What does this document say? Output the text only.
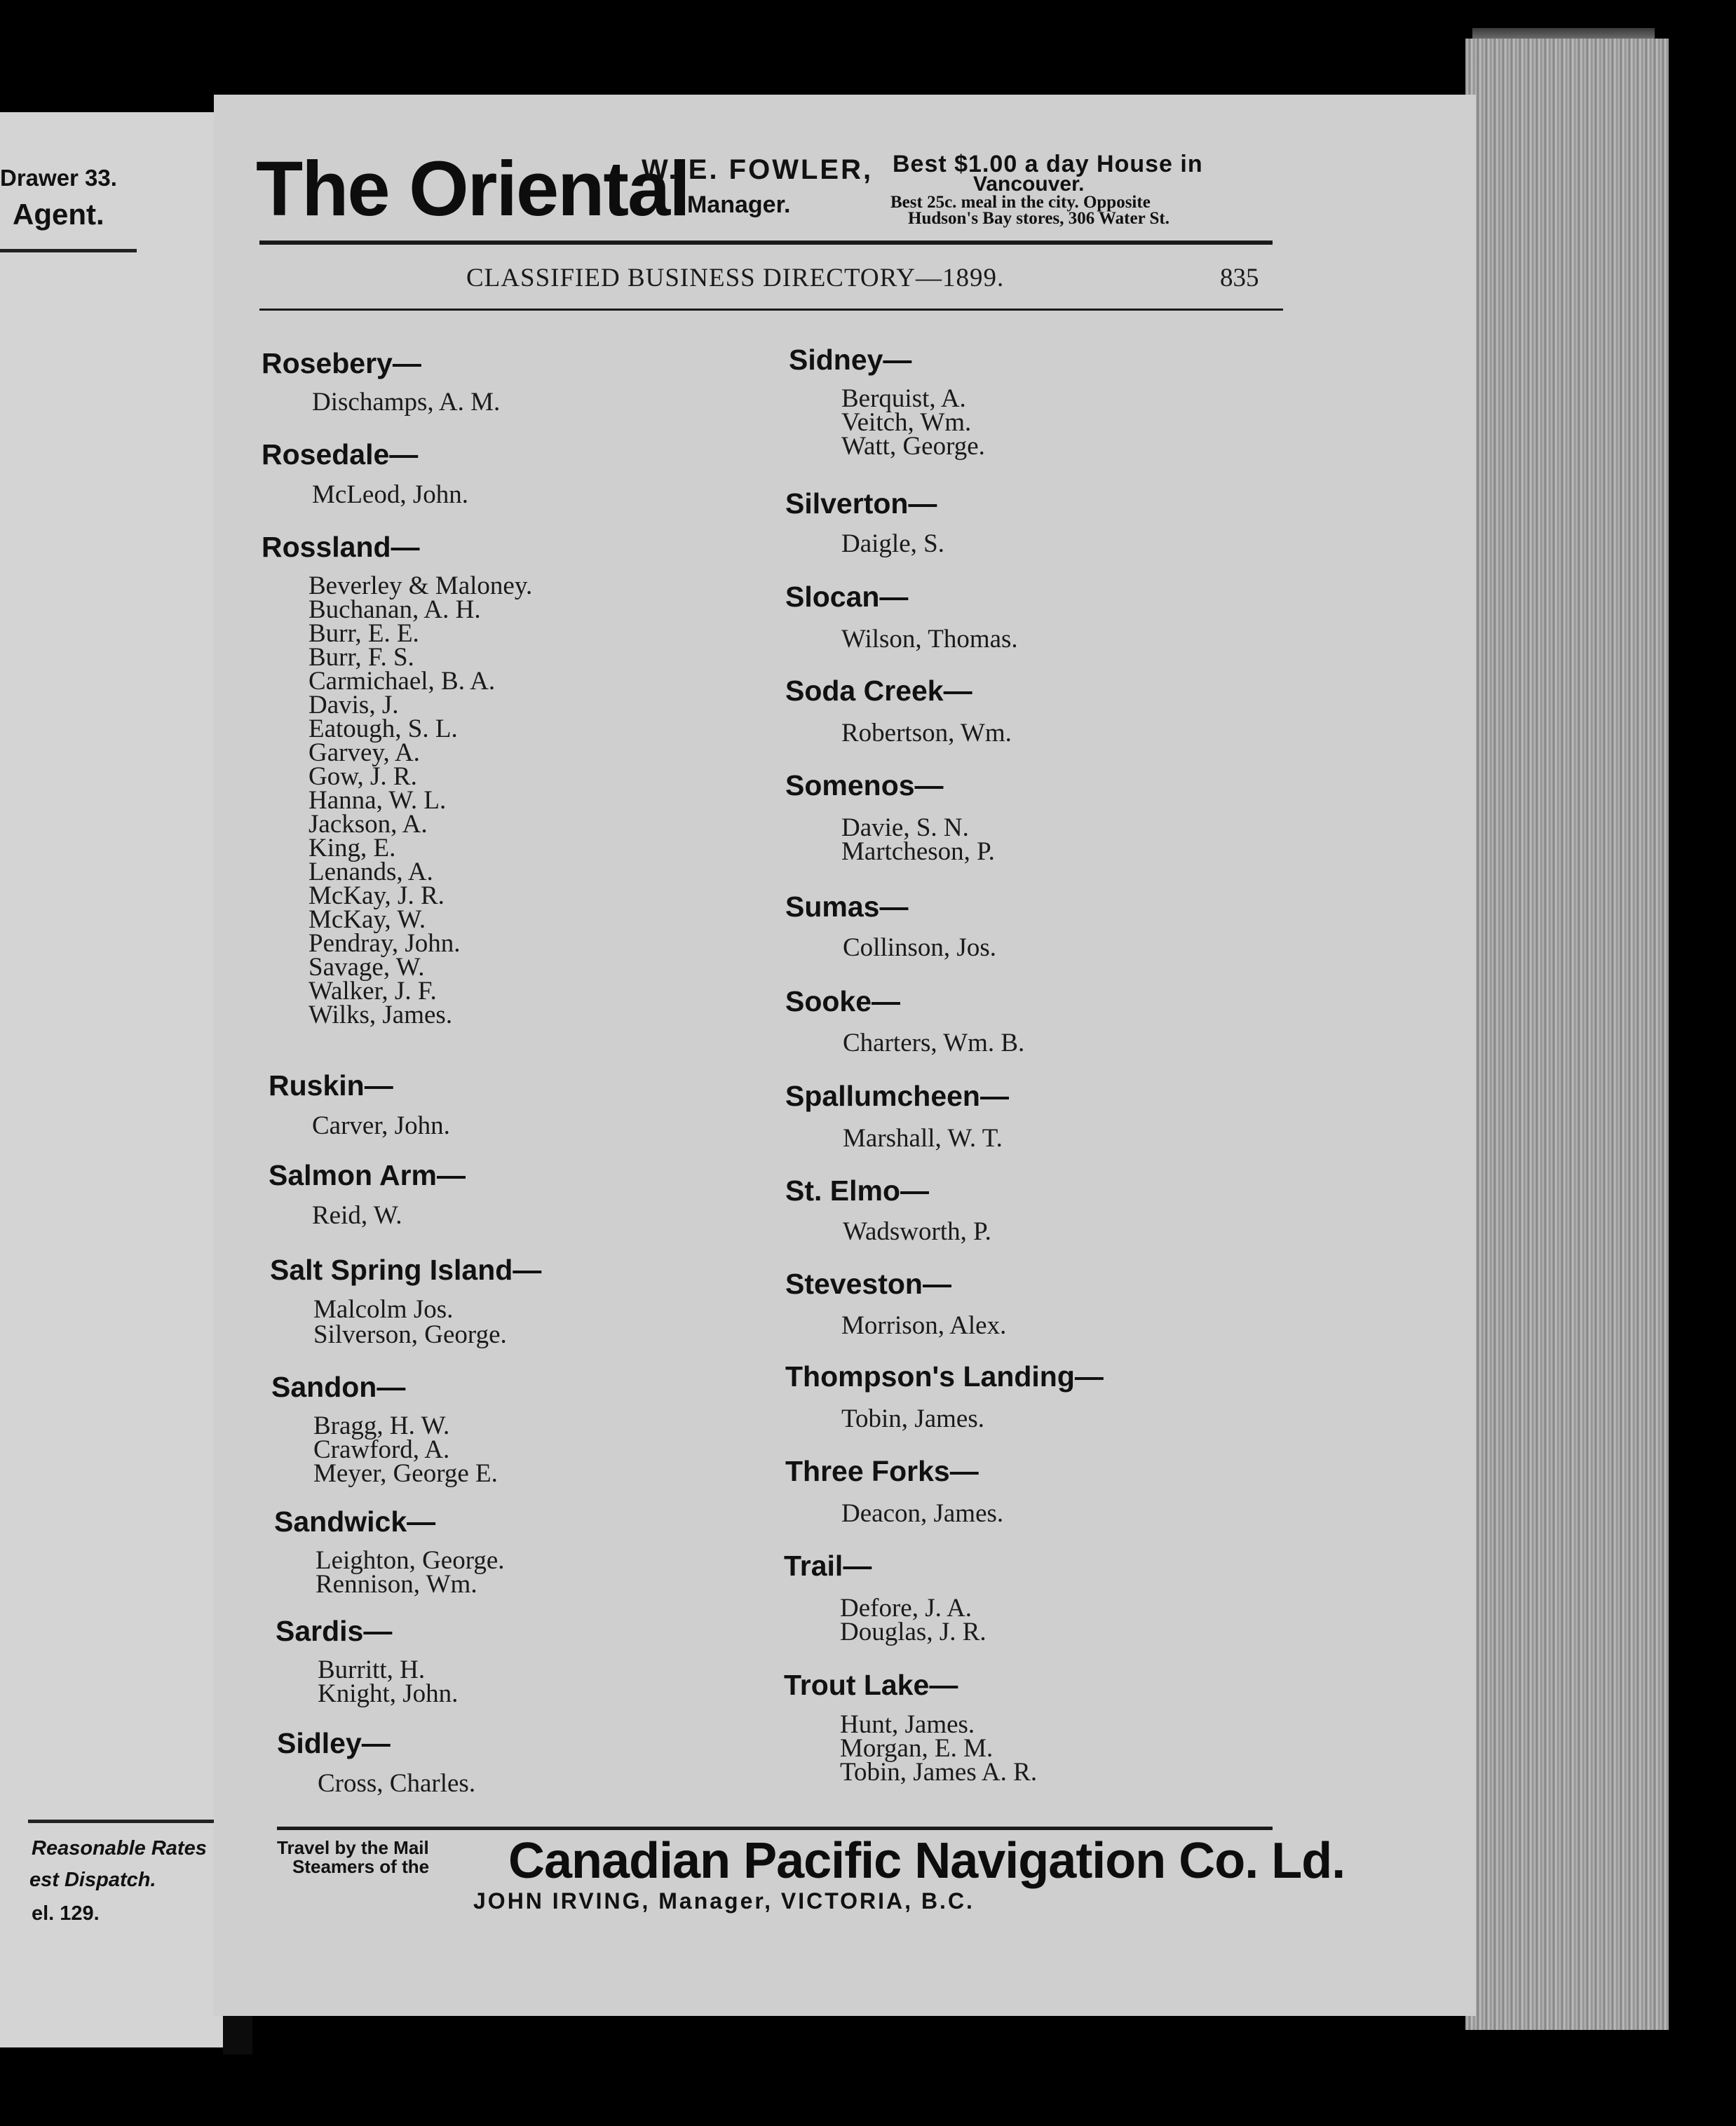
Drawer 33.
Agent.
Reasonable Rates
est Dispatch.
el. 129.
The Oriental
W. E. FOWLER,
Manager.
Best $1.00 a day House in
Vancouver.
Best 25c. meal in the city. Opposite
Hudson's Bay stores, 306 Water St.
CLASSIFIED BUSINESS DIRECTORY—1899.	835
Rosebery—
Dischamps, A. M.
Rosedale—
McLeod, John.
Rossland—
Beverley & Maloney.
Buchanan, A. H.
Burr, E. E.
Burr, F. S.
Carmichael, B. A.
Davis, J.
Eatough, S. L.
Garvey, A.
Gow, J. R.
Hanna, W. L.
Jackson, A.
King, E.
Lenands, A.
McKay, J. R.
McKay, W.
Pendray, John.
Savage, W.
Walker, J. F.
Wilks, James.
Ruskin—
Carver, John.
Salmon Arm—
Reid, W.
Salt Spring Island—
Malcolm Jos.
Silverson, George.
Sandon—
Bragg, H. W.
Crawford, A.
Meyer, George E.
Sandwick—
Leighton, George.
Rennison, Wm.
Sardis—
Burritt, H.
Knight, John.
Sidley—
Cross, Charles.
Sidney—
Berquist, A.
Veitch, Wm.
Watt, George.
Silverton—
Daigle, S.
Slocan—
Wilson, Thomas.
Soda Creek—
Robertson, Wm.
Somenos—
Davie, S. N.
Martcheson, P.
Sumas—
Collinson, Jos.
Sooke—
Charters, Wm. B.
Spallumcheen—
Marshall, W. T.
St. Elmo—
Wadsworth, P.
Steveston—
Morrison, Alex.
Thompson's Landing—
Tobin, James.
Three Forks—
Deacon, James.
Trail—
Defore, J. A.
Douglas, J. R.
Trout Lake—
Hunt, James.
Morgan, E. M.
Tobin, James A. R.
Travel by the Mail
Steamers of the Canadian Pacific Navigation Co. Ld.
JOHN IRVING, Manager, VICTORIA, B.C.
